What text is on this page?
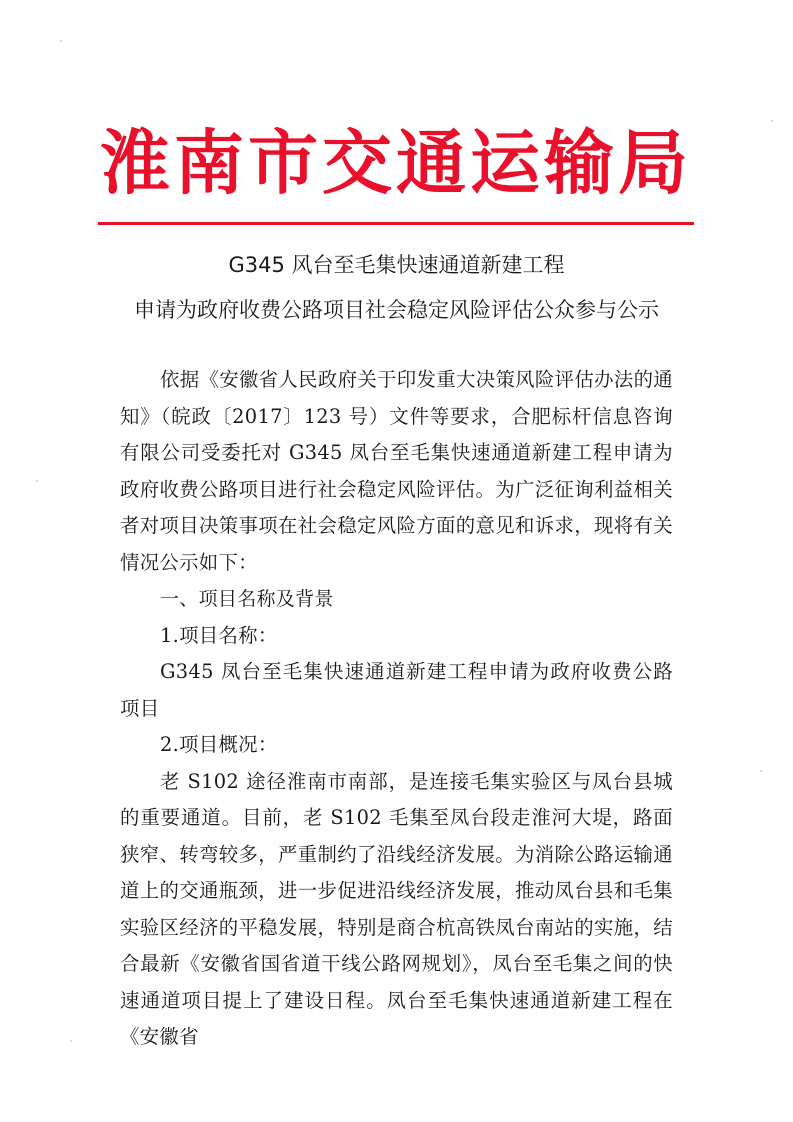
淮南市交通运输局
G345 风台至毛集快速通道新建工程
申请为政府收费公路项目社会稳定风险评估公众参与公示

依据《安徽省人民政府关于印发重大决策风险评估办法的通知》（皖政〔2017〕123 号）文件等要求，合肥标杆信息咨询有限公司受委托对 G345 凤台至毛集快速通道新建工程申请为政府收费公路项目进行社会稳定风险评估。为广泛征询利益相关者对项目决策事项在社会稳定风险方面的意见和诉求，现将有关情况公示如下：

一、项目名称及背景

1.项目名称：

G345 凤台至毛集快速通道新建工程申请为政府收费公路项目

2.项目概况：

老 S102 途径淮南市南部，是连接毛集实验区与凤台县城的重要通道。目前，老 S102 毛集至凤台段走淮河大堤，路面狭窄、转弯较多，严重制约了沿线经济发展。为消除公路运输通道上的交通瓶颈，进一步促进沿线经济发展，推动凤台县和毛集实验区经济的平稳发展，特别是商合杭高铁凤台南站的实施，结合最新《安徽省国省道干线公路网规划》，凤台至毛集之间的快速通道项目提上了建设日程。凤台至毛集快速通道新建工程在《安徽省
